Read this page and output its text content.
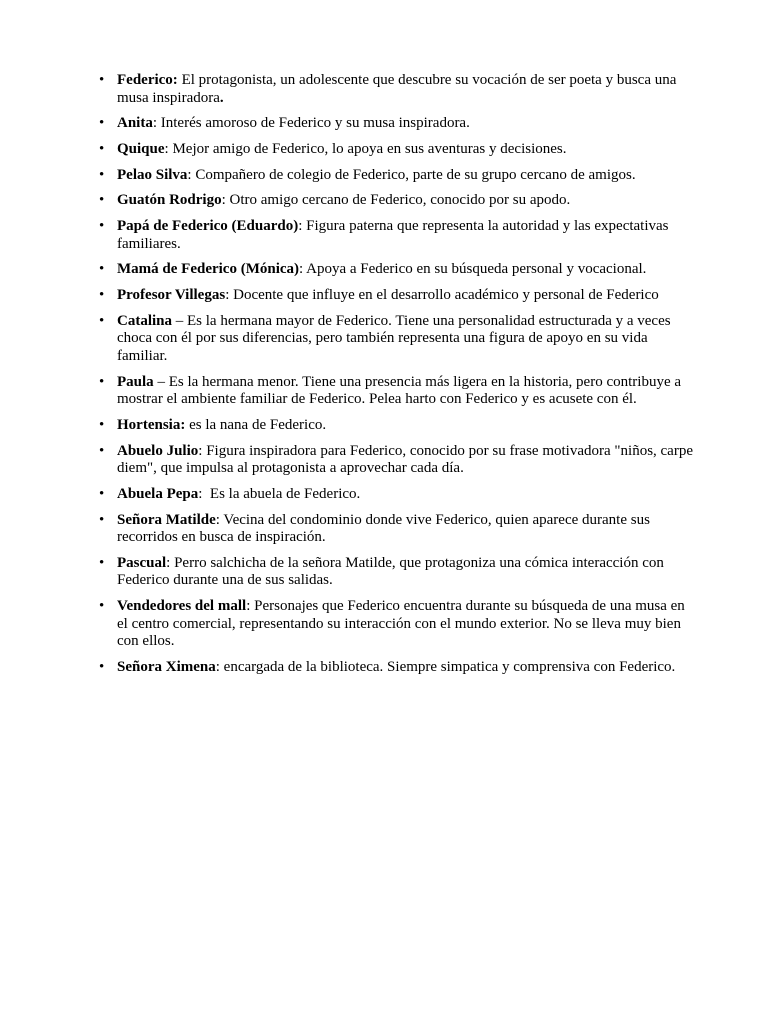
• Federico: El protagonista, un adolescente que descubre su vocación de ser poeta y busca una musa inspiradora.
• Anita: Interés amoroso de Federico y su musa inspiradora.
• Quique: Mejor amigo de Federico, lo apoya en sus aventuras y decisiones.
• Pelao Silva: Compañero de colegio de Federico, parte de su grupo cercano de amigos.
• Guatón Rodrigo: Otro amigo cercano de Federico, conocido por su apodo.
• Papá de Federico (Eduardo): Figura paterna que representa la autoridad y las expectativas familiares.
• Mamá de Federico (Mónica): Apoya a Federico en su búsqueda personal y vocacional.
• Profesor Villegas: Docente que influye en el desarrollo académico y personal de Federico
• Catalina – Es la hermana mayor de Federico. Tiene una personalidad estructurada y a veces choca con él por sus diferencias, pero también representa una figura de apoyo en su vida familiar.
• Paula – Es la hermana menor. Tiene una presencia más ligera en la historia, pero contribuye a mostrar el ambiente familiar de Federico. Pelea harto con Federico y es acusete con él.
• Hortensia: es la nana de Federico.
• Abuelo Julio: Figura inspiradora para Federico, conocido por su frase motivadora "niños, carpe diem", que impulsa al protagonista a aprovechar cada día.
• Abuela Pepa:  Es la abuela de Federico.
• Señora Matilde: Vecina del condominio donde vive Federico, quien aparece durante sus recorridos en busca de inspiración.
• Pascual: Perro salchicha de la señora Matilde, que protagoniza una cómica interacción con Federico durante una de sus salidas.
• Vendedores del mall: Personajes que Federico encuentra durante su búsqueda de una musa en el centro comercial, representando su interacción con el mundo exterior. No se lleva muy bien con ellos.
• Señora Ximena: encargada de la biblioteca. Siempre simpatica y comprensiva con Federico.
